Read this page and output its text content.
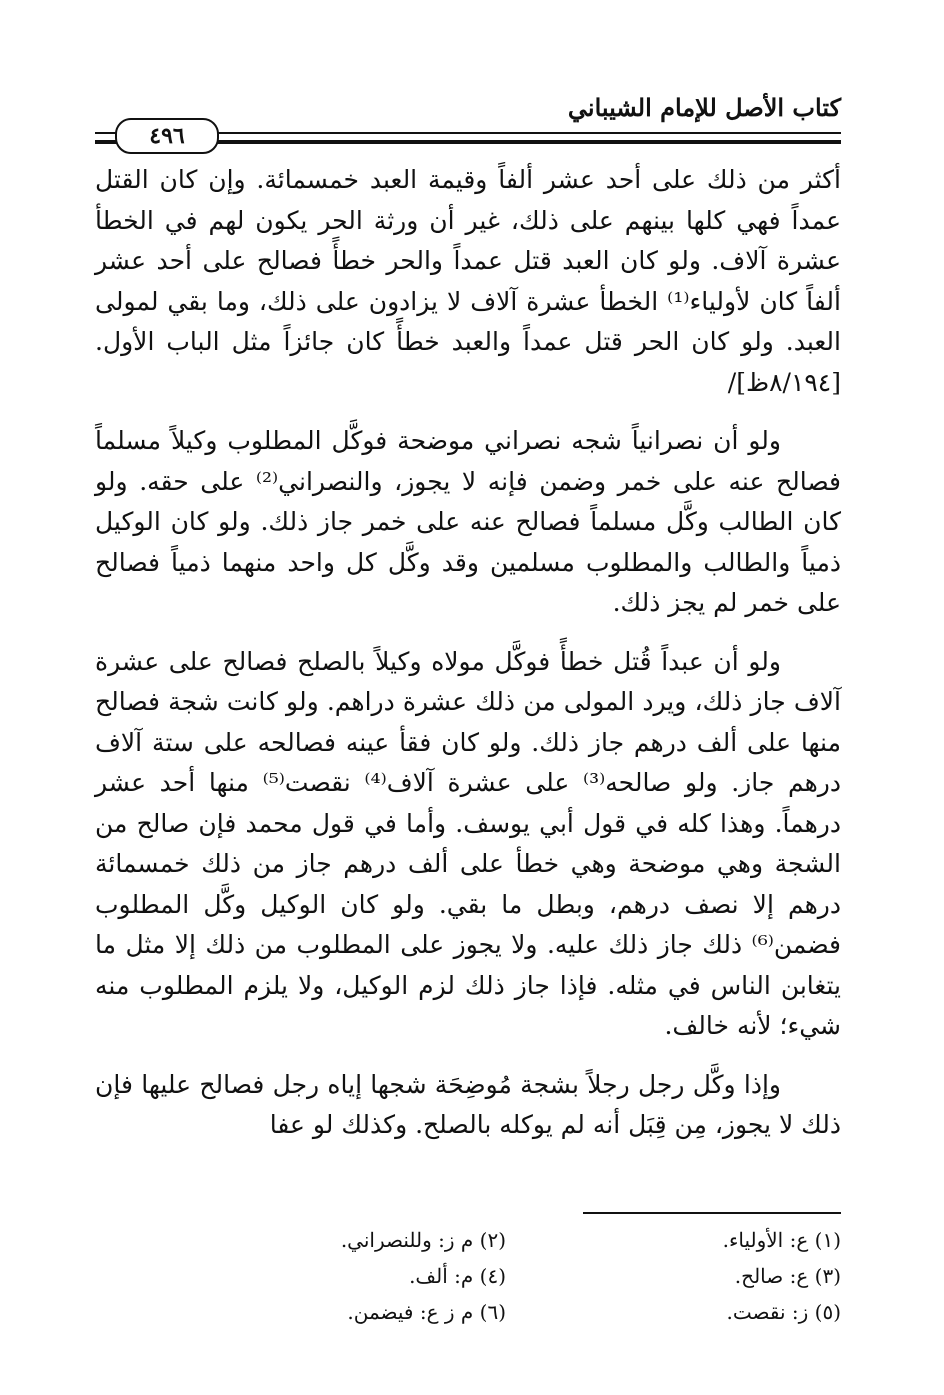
كتاب الأصل للإمام الشيباني
٤٩٦

أكثر من ذلك على أحد عشر ألفاً وقيمة العبد خمسمائة. وإن كان القتل عمداً فهي كلها بينهم على ذلك، غير أن ورثة الحر يكون لهم في الخطأ عشرة آلاف. ولو كان العبد قتل عمداً والحر خطأً فصالح على أحد عشر ألفاً كان لأولياء⁽¹⁾ الخطأ عشرة آلاف لا يزادون على ذلك، وما بقي لمولى العبد. ولو كان الحر قتل عمداً والعبد خطأً كان جائزاً مثل الباب الأول. [٨/١٩٤ظ]/

ولو أن نصرانياً شجه نصراني موضحة فوكَّل المطلوب وكيلاً مسلماً فصالح عنه على خمر وضمن فإنه لا يجوز، والنصراني⁽²⁾ على حقه. ولو كان الطالب وكَّل مسلماً فصالح عنه على خمر جاز ذلك. ولو كان الوكيل ذمياً والطالب والمطلوب مسلمين وقد وكَّل كل واحد منهما ذمياً فصالح على خمر لم يجز ذلك.

ولو أن عبداً قُتل خطأً فوكَّل مولاه وكيلاً بالصلح فصالح على عشرة آلاف جاز ذلك، ويرد المولى من ذلك عشرة دراهم. ولو كانت شجة فصالح منها على ألف درهم جاز ذلك. ولو كان فقأ عينه فصالحه على ستة آلاف درهم جاز. ولو صالحه⁽³⁾ على عشرة آلاف⁽⁴⁾ نقصت⁽⁵⁾ منها أحد عشر درهماً. وهذا كله في قول أبي يوسف. وأما في قول محمد فإن صالح من الشجة وهي موضحة وهي خطأ على ألف درهم جاز من ذلك خمسمائة درهم إلا نصف درهم، وبطل ما بقي. ولو كان الوكيل وكَّل المطلوب فضمن⁽⁶⁾ ذلك جاز ذلك عليه. ولا يجوز على المطلوب من ذلك إلا مثل ما يتغابن الناس في مثله. فإذا جاز ذلك لزم الوكيل، ولا يلزم المطلوب منه شيء؛ لأنه خالف.

وإذا وكَّل رجل رجلاً بشجة مُوضِحَة شجها إياه رجل فصالح عليها فإن ذلك لا يجوز، مِن قِبَل أنه لم يوكله بالصلح. وكذلك لو عفا

(١) ع: الأولياء.
(٢) م ز: وللنصراني.
(٣) ع: صالح.
(٤) م: ألف.
(٥) ز: نقصت.
(٦) م ز ع: فيضمن.
